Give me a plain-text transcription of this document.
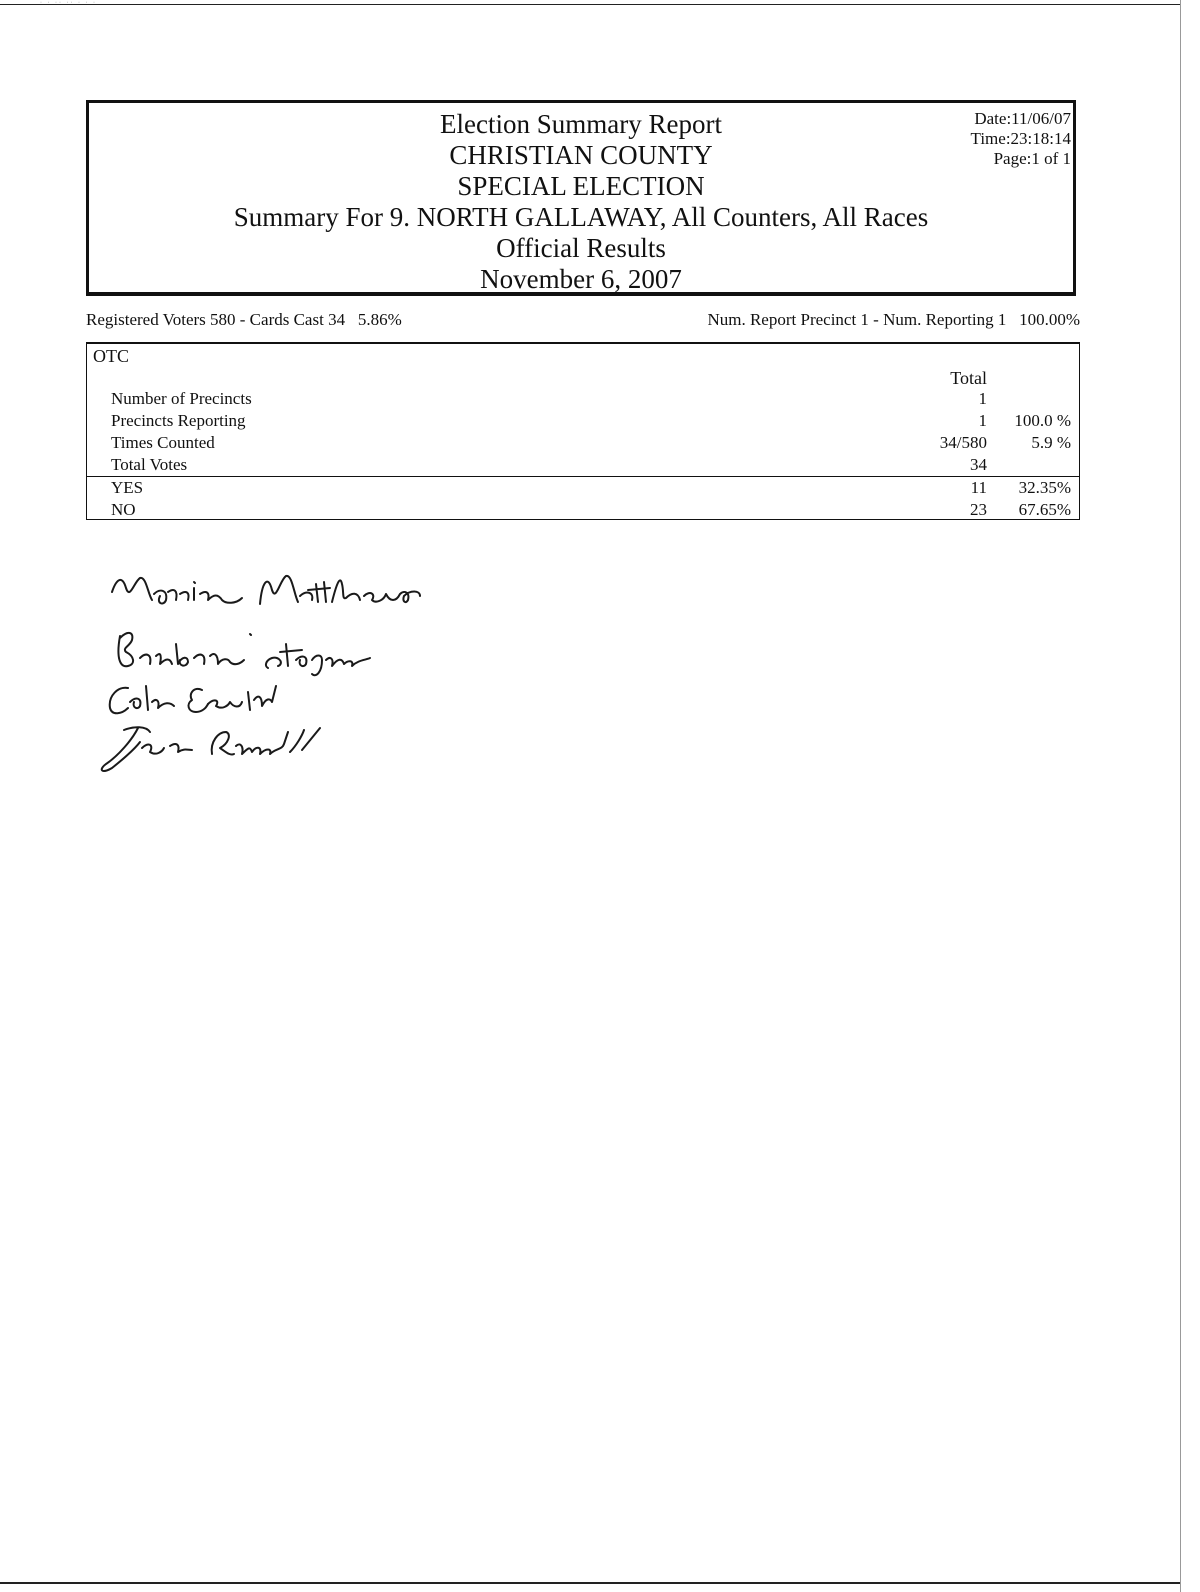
· · ·· ·· · · ·
Election Summary Report
CHRISTIAN COUNTY
SPECIAL ELECTION
Summary For 9. NORTH GALLAWAY, All Counters, All Races
Official Results
November 6, 2007
Date:11/06/07
Time:23:18:14
Page:1 of 1
Registered Voters 580 - Cards Cast 34   5.86%	Num. Report Precinct 1 - Num. Reporting 1   100.00%
OTC
Total
Number of Precincts	1
Precincts Reporting	1	100.0 %
Times Counted	34/580	5.9 %
Total Votes	34
YES	11	32.35%
NO	23	67.65%
